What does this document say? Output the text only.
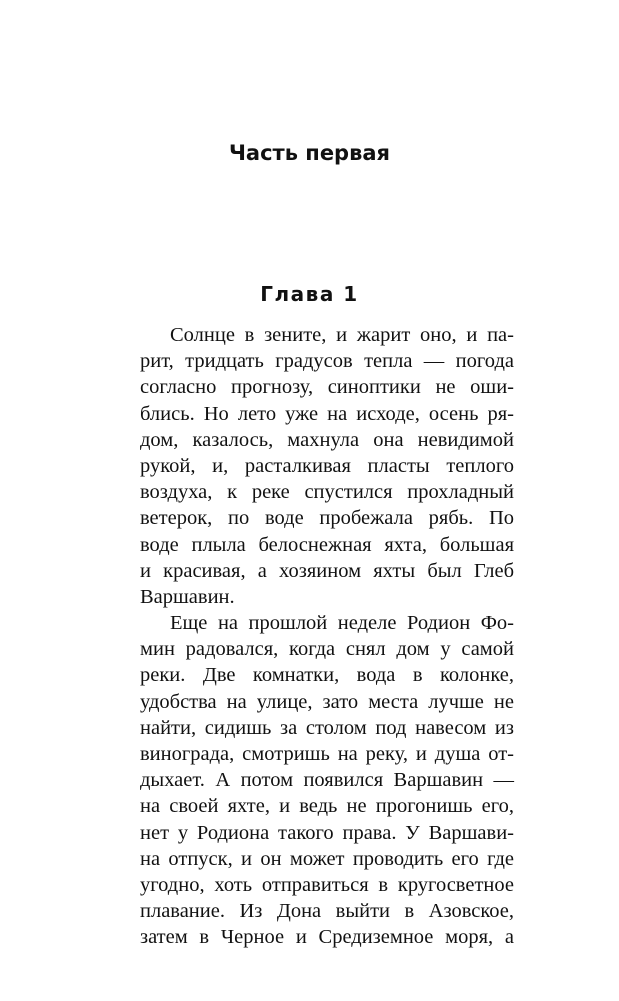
Часть первая
Глава 1

Солнце в зените, и жарит оно, и па-
рит, тридцать градусов тепла — погода
согласно прогнозу, синоптики не оши-
блись. Но лето уже на исходе, осень ря-
дом, казалось, махнула она невидимой
рукой, и, расталкивая пласты теплого
воздуха, к реке спустился прохладный
ветерок, по воде пробежала рябь. По
воде плыла белоснежная яхта, большая
и красивая, а хозяином яхты был Глеб
Варшавин.

Еще на прошлой неделе Родион Фо-
мин радовался, когда снял дом у самой
реки. Две комнатки, вода в колонке,
удобства на улице, зато места лучше не
найти, сидишь за столом под навесом из
винограда, смотришь на реку, и душа от-
дыхает. А потом появился Варшавин —
на своей яхте, и ведь не прогонишь его,
нет у Родиона такого права. У Варшави-
на отпуск, и он может проводить его где
угодно, хоть отправиться в кругосветное
плавание. Из Дона выйти в Азовское,
затем в Черное и Средиземное моря, а
